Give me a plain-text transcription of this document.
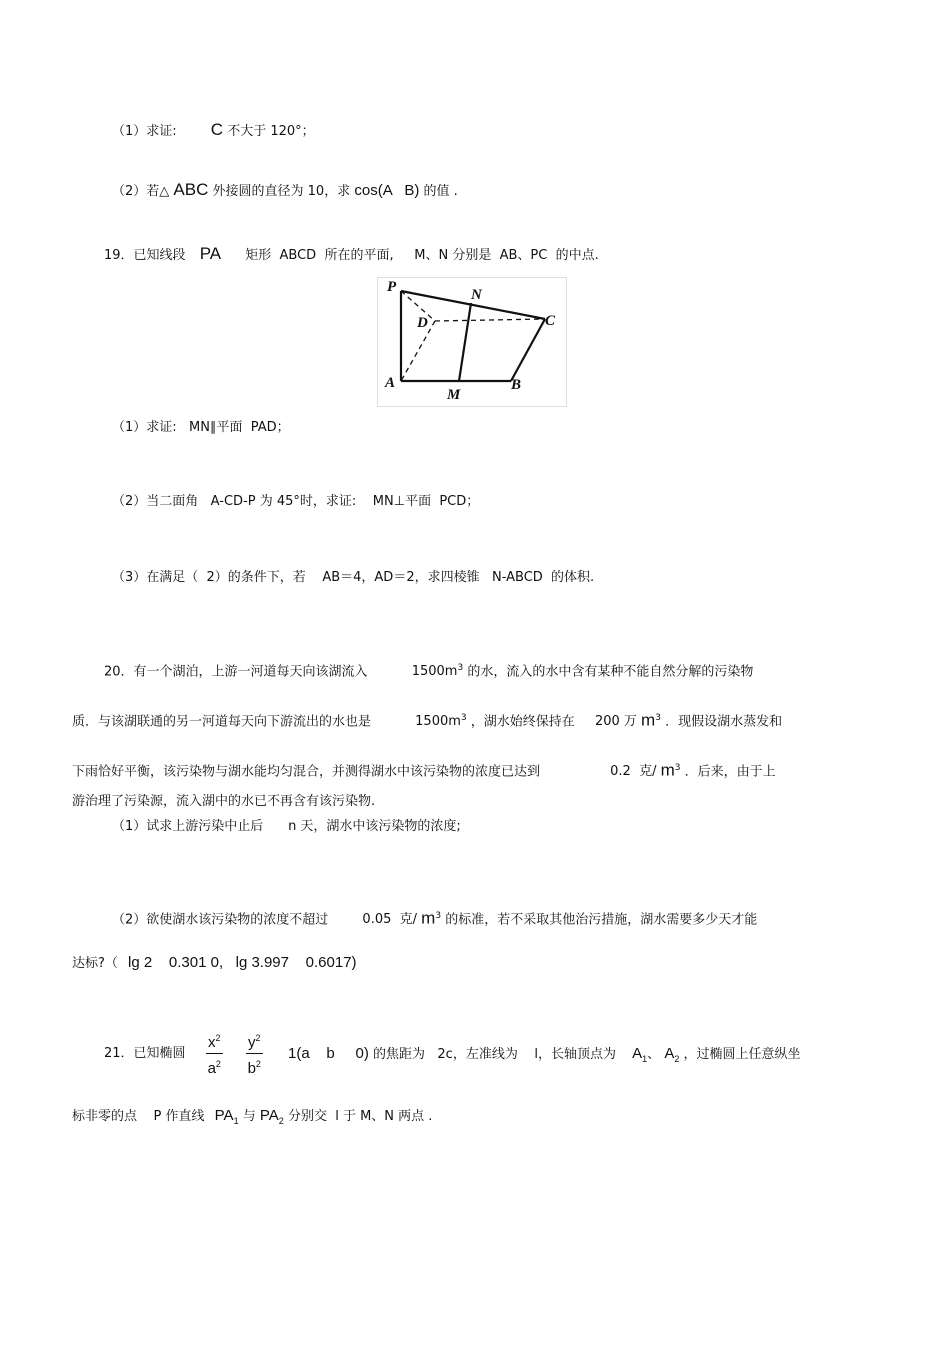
（1）求证: C 不大于 120°；
（2）若△ ABC 外接圆的直径为 10，求 cos(A   B) 的值 .
19．已知线段 PA 矩形  ABCD  所在的平面,     M、N 分别是  AB、PC  的中点.
P	N
D	C
A
M
B
（1）求证:   MN∥平面  PAD；
（2）当二面角   A-CD-P 为 45°时，求证:    MN⊥平面  PCD；
（3）在满足（  2）的条件下，若    AB＝4，AD＝2，求四棱锥   N-ABCD  的体积.
20．有一个湖泊，上游一河道每天向该湖流入	$1500m^3$ 的水，流入的水中含有某种不能自然分解的污染物
质．与该湖联通的另一河道每天向下游流出的水也是	$1500m^3$ ，湖水始终保持在 200 万 $m^3$ ．现假设湖水蒸发和
下雨恰好平衡，该污染物与湖水能均匀混合，并测得湖水中该污染物的浓度已达到	0.2  克/ $m^3$ ．后来，由于上
游治理了污染源，流入湖中的水已不再含有该污染物.
（1）试求上游污染中止后      n 天，湖水中该污染物的浓度;
（2）欲使湖水该污染物的浓度不超过	0.05  克/ $m^3$ 的标准，若不采取其他治污措施，湖水需要多少天才能
达标?（ lg 2    0.301 0,   lg 3.997    0.6017)
21．已知椭圆 $\frac{x^2}{a^2} \frac{y^2}{b^2} 1(a$    b     0) 的焦距为   2c，左准线为    l，长轴顶点为 $A_1$、 $A_2$ ，过椭圆上任意纵坐
标非零的点    P 作直线 $PA_1$ 与 $PA_2$ 分别交  l 于 M、N 两点 .
